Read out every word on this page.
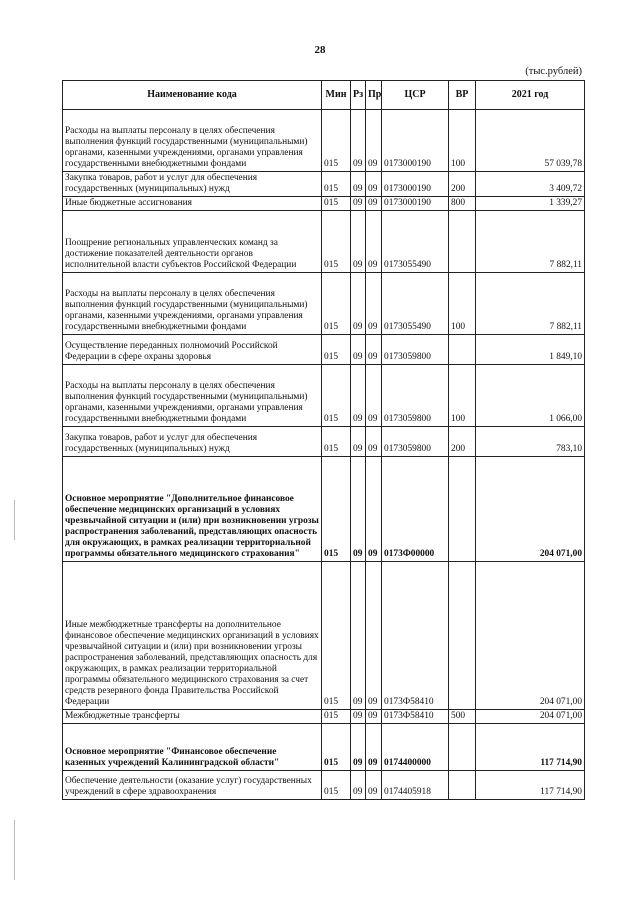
28
(тыс.рублей)
Наименование кода	Мин	Рз	Пр	ЦСР	ВР	2021 год
Расходы на выплаты персоналу в целях обеспечения выполнения функций государственными (муниципальными) органами, казенными учреждениями, органами управления государственными внебюджетными фондами	015	09	09	0173000190	100	57 039,78
Закупка товаров, работ и услуг для обеспечения государственных (муниципальных) нужд	015	09	09	0173000190	200	3 409,72
Иные бюджетные ассигнования	015	09	09	0173000190	800	1 339,27
Поощрение региональных управленческих команд за достижение показателей деятельности органов исполнительной власти субъектов Российской Федерации	015	09	09	0173055490		7 882,11
Расходы на выплаты персоналу в целях обеспечения выполнения функций государственными (муниципальными) органами, казенными учреждениями, органами управления государственными внебюджетными фондами	015	09	09	0173055490	100	7 882,11
Осуществление переданных полномочий Российской Федерации в сфере охраны здоровья	015	09	09	0173059800		1 849,10
Расходы на выплаты персоналу в целях обеспечения выполнения функций государственными (муниципальными) органами, казенными учреждениями, органами управления государственными внебюджетными фондами	015	09	09	0173059800	100	1 066,00
Закупка товаров, работ и услуг для обеспечения государственных (муниципальных) нужд	015	09	09	0173059800	200	783,10
Основное мероприятие "Дополнительное финансовое обеспечение медицинских организаций в условиях чрезвычайной ситуации и (или) при возникновении угрозы распространения заболеваний, представляющих опасность для окружающих, в рамках реализации территориальной программы обязательного медицинского страхования"	015	09	09	0173Ф00000		204 071,00
Иные межбюджетные трансферты на дополнительное финансовое обеспечение медицинских организаций в условиях чрезвычайной ситуации и (или) при возникновении угрозы распространения заболеваний, представляющих опасность для окружающих, в рамках реализации территориальной программы обязательного медицинского страхования за счет средств резервного фонда Правительства Российской Федерации	015	09	09	0173Ф58410		204 071,00
Межбюджетные трансферты	015	09	09	0173Ф58410	500	204 071,00
Основное мероприятие "Финансовое обеспечение казенных учреждений Калининградской области"	015	09	09	0174400000		117 714,90
Обеспечение деятельности (оказание услуг) государственных учреждений в сфере здравоохранения	015	09	09	0174405918		117 714,90
